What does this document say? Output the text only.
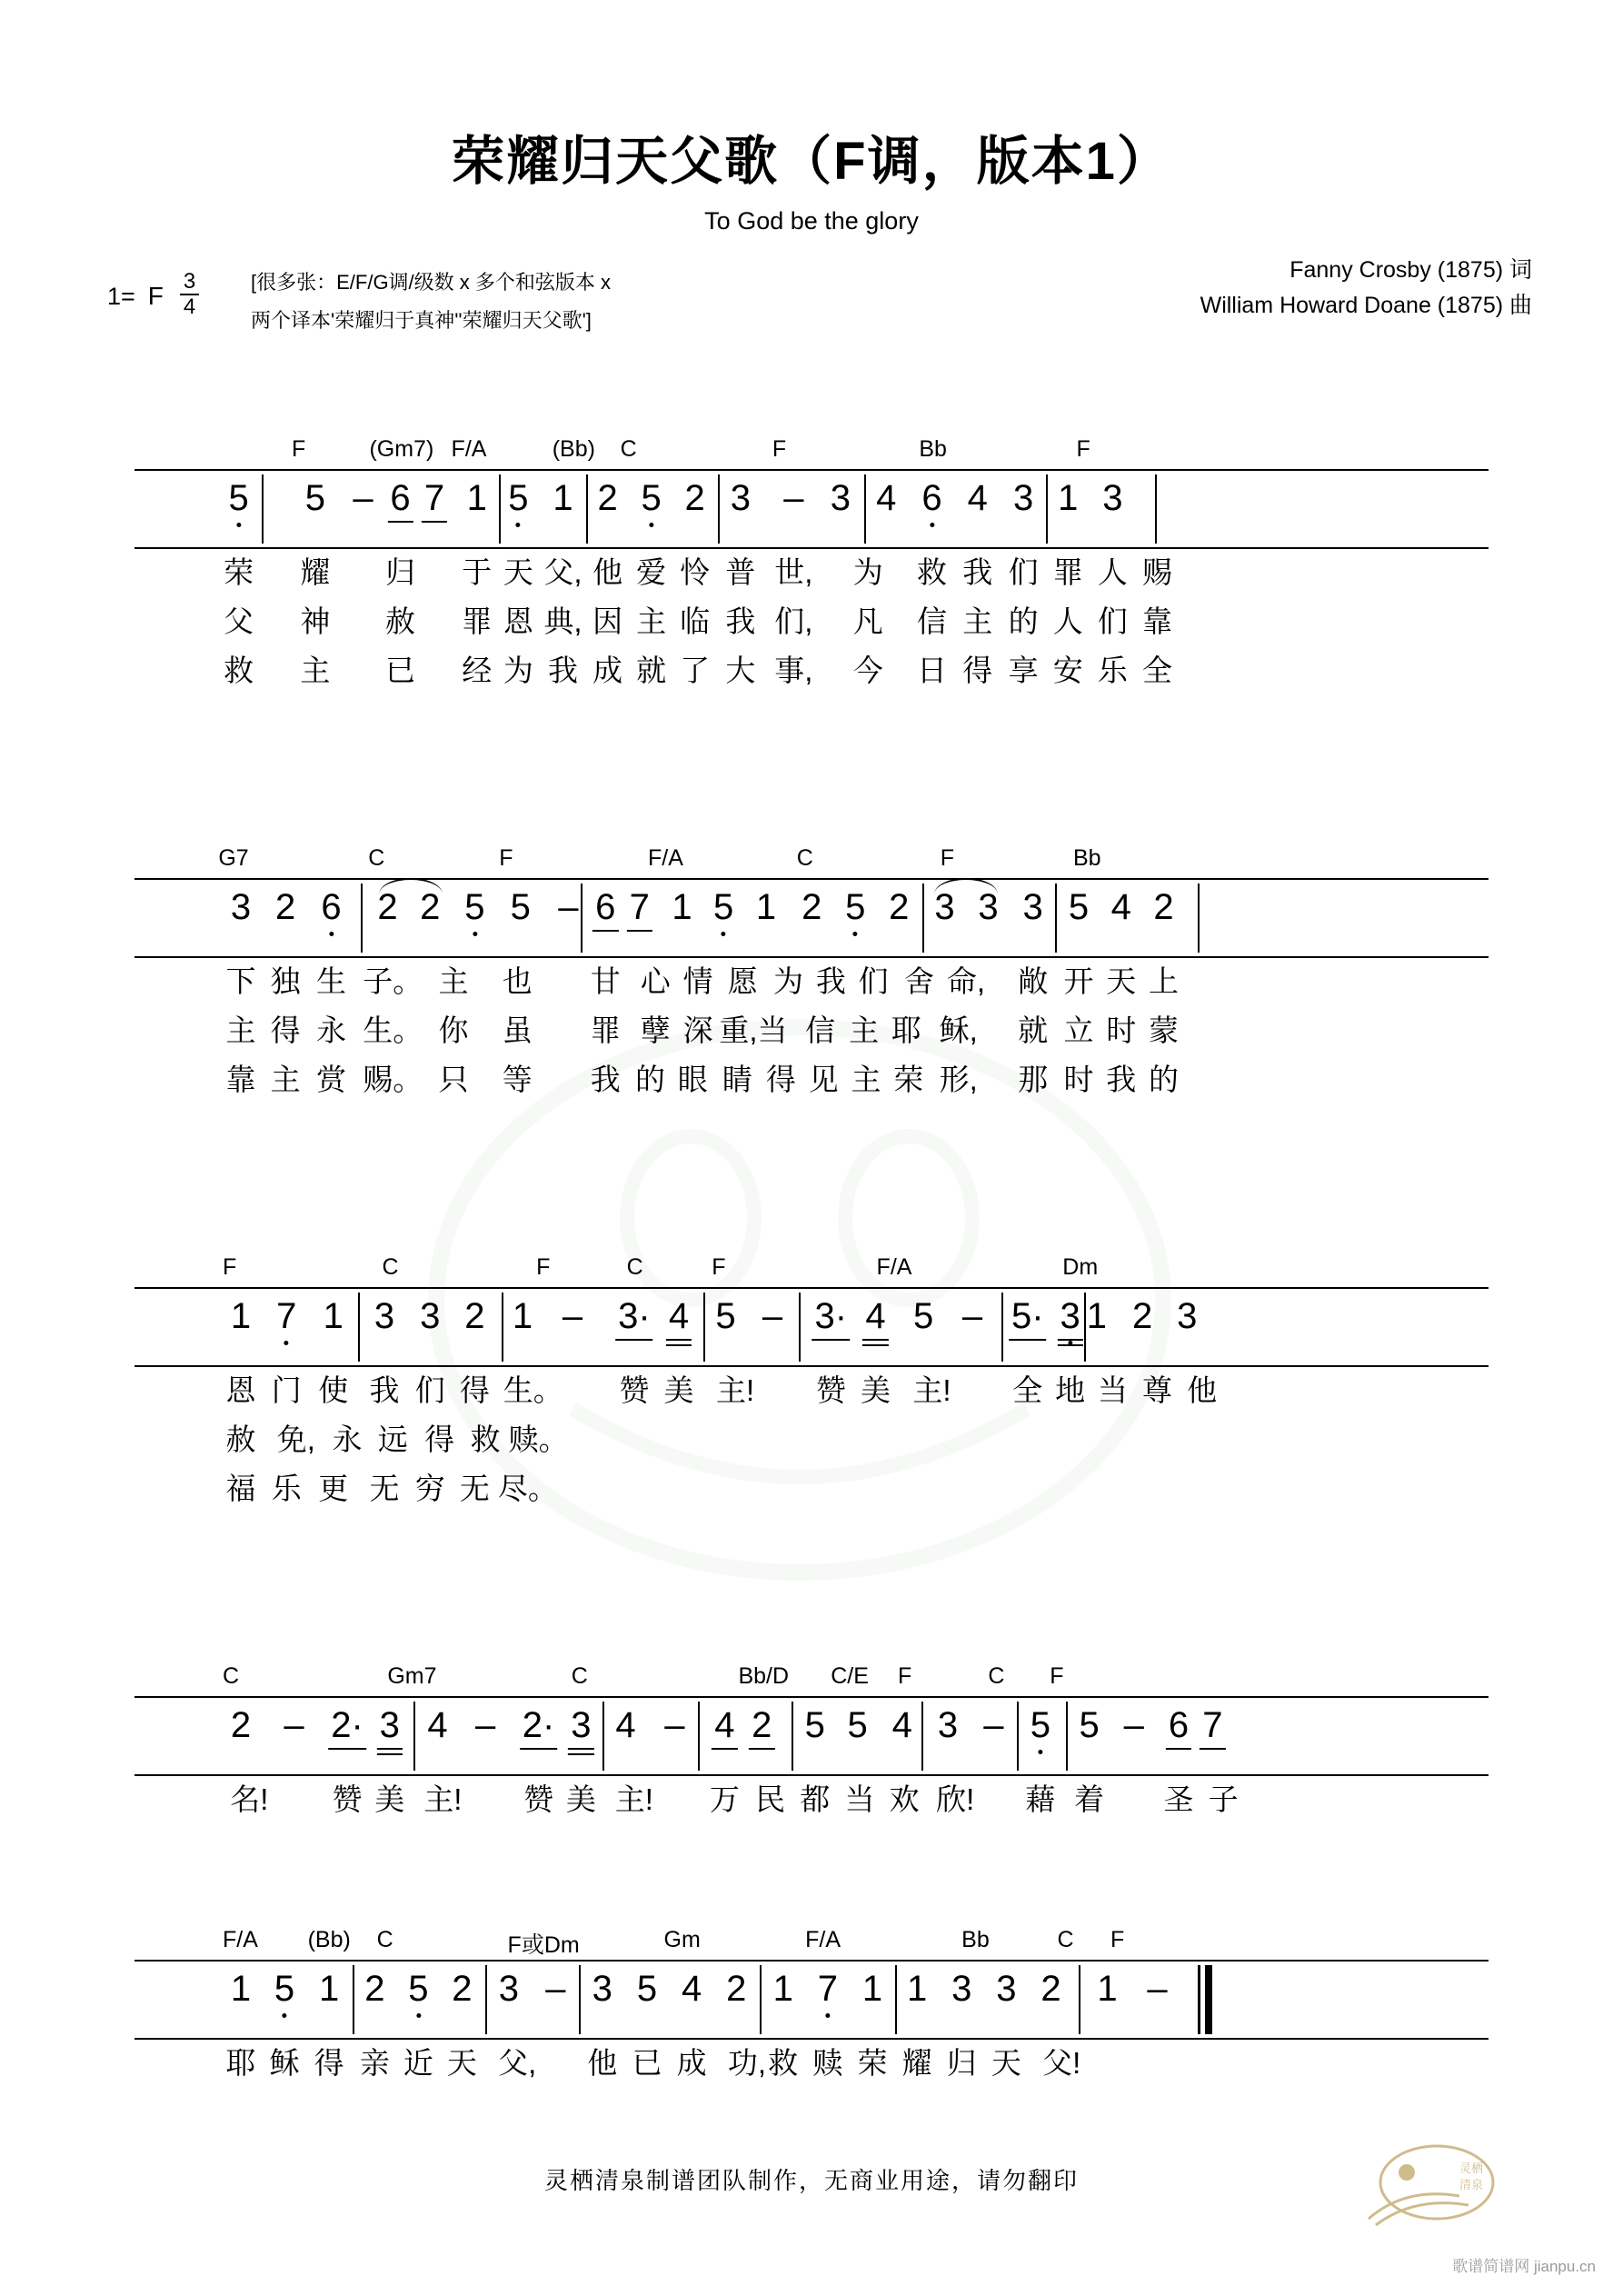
荣耀归天父歌（F调，版本1）
To God be the glory
1= F $\frac{3}{4}$	[很多张：E/F/G调/级数 x 多个和弦版本 x
两个译本'荣耀归于真神''荣耀归天父歌']
Fanny Crosby (1875) 词
William Howard Doane (1875) 曲
F	(Gm7) F/A	(Bb) C	F	Bb	F
5 5 – 6 7 1 5 1 2 5 2 3 – 3 4 6 4 3 1 3
荣 耀 归 于 天 父, 他 爱 怜 普 世, 为 救 我 们 罪 人 赐
父 神 赦 罪 恩 典, 因 主 临 我 们, 凡 信 主 的 人 们 靠
救 主 已 经 为 我 成 就 了 大 事, 今 日 得 享 安 乐 全
G7	C	F	F/A	C	F	Bb
3 2 6 2 2 5 5 – 6 7 1 5 1 2 5 2 3 3 3 5 4 2
下 独 生 子。 主 也 甘 心 情 愿 为 我 们 舍 命, 敞 开 天 上
主 得 永 生。 你 虽 罪 孽 深 重,当 信 主 耶 稣, 就 立 时 蒙
靠 主 赏 赐。 只 等 我 的 眼 睛 得 见 主 荣 形, 那 时 我 的
F	C	F	C	F	F/A	Dm
1 7 1 3 3 2 1 – 3· 4 5 – 3· 4 5 – 5· 3 1 2 3
恩 门 使 我 们 得 生。 赞 美 主! 赞 美 主! 全 地 当 尊 他
赦 免, 永 远 得 救 赎。
福 乐 更 无 穷 无 尽。
C	Gm7	C	Bb/D C/E F	C F
2 – 2· 3 4 – 2· 3 4 – 4 2 5 5 4 3 – 5 5 – 6 7
名! 赞 美 主! 赞 美 主! 万 民 都 当 欢 欣! 藉 着 圣 子
F/A (Bb) C	F或Dm	Gm	F/A	Bb	C F
1 5 1 2 5 2 3 – 3 5 4 2 1 7 1 1 3 3 2 1 –
耶 稣 得 亲 近 天 父, 他 已 成 功, 救 赎 荣 耀 归 天 父!
灵栖清泉制谱团队制作，无商业用途，请勿翻印	灵栖
清泉
歌谱简谱网 jianpu.cn
